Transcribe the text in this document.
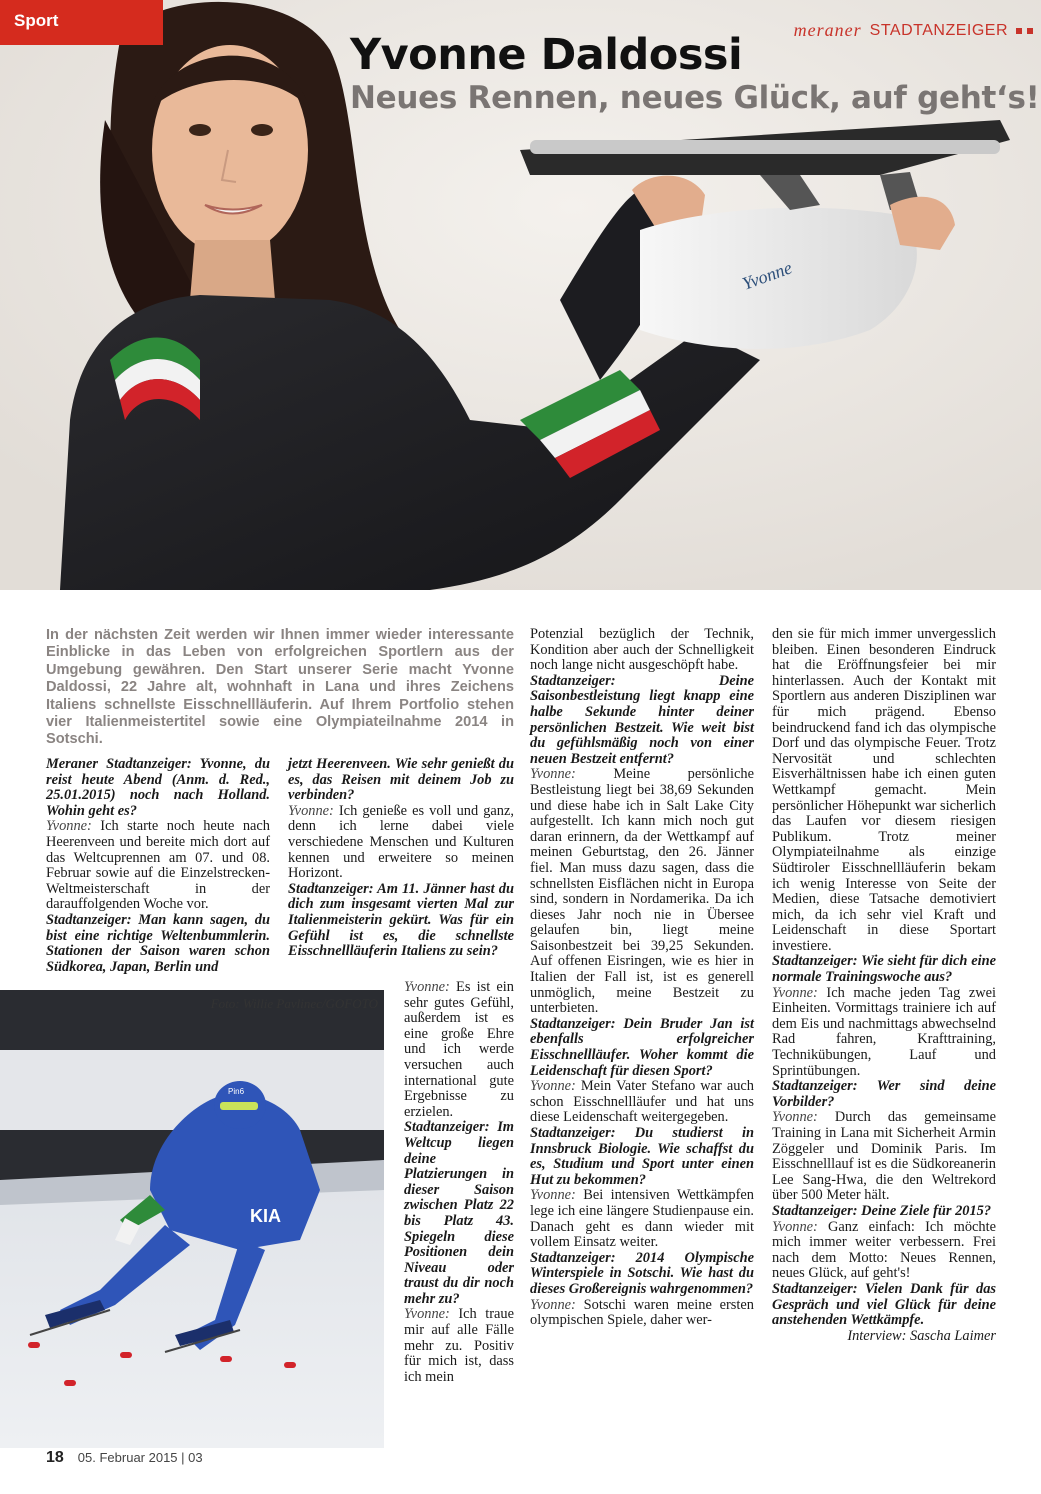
Yvonne
Sport	meraner STADTANZEIGER
Yvonne Daldossi
Neues Rennen, neues Glück, auf geht‘s!
In der nächsten Zeit werden wir Ihnen immer wieder interessante Einblicke in das Leben von erfolgreichen Sportlern aus der Umgebung gewähren. Den Start unserer Serie macht Yvonne Daldossi, 22 Jahre alt, wohnhaft in Lana und ihres Zeichens Italiens schnellste Eisschnellläuferin. Auf Ihrem Portfolio stehen vier Italienmeistertitel sowie eine Olympiateilnahme 2014 in Sotschi.

Meraner Stadtanzeiger: Yvonne, du reist heute Abend (Anm. d. Red., 25.01.2015) noch nach Holland. Wohin geht es?

Yvonne: Ich starte noch heute nach Heerenveen und bereite mich dort auf das Weltcuprennen am 07. und 08. Februar sowie auf die Einzelstrecken-Weltmeisterschaft in der darauffolgenden Woche vor.

Stadtanzeiger: Man kann sagen, du bist eine richtige Weltenbummlerin. Stationen der Saison waren schon Südkorea, Japan, Berlin und

jetzt Heerenveen. Wie sehr genießt du es, das Reisen mit deinem Job zu verbinden?

Yvonne: Ich genieße es voll und ganz, denn ich lerne dabei viele verschiedene Menschen und Kulturen kennen und erweitere so meinen Horizont.

Stadtanzeiger: Am 11. Jänner hast du dich zum insgesamt vierten Mal zur Italienmeisterin gekürt. Was für ein Gefühl ist es, die schnellste Eisschnellläuferin Italiens zu sein?

Pin6
KIA
Foto: Willie Pavlinec/GOFOTO

Yvonne: Es ist ein sehr gutes Gefühl, außerdem ist es eine große Ehre und ich werde versuchen auch international gute Ergebnisse zu erzielen.

Stadtanzeiger: Im Weltcup liegen deine Platzierungen in dieser Saison zwischen Platz 22 bis Platz 43. Spiegeln diese Positionen dein Niveau oder traust du dir noch mehr zu?

Yvonne: Ich traue mir auf alle Fälle mehr zu. Positiv für mich ist, dass ich mein

Potenzial bezüglich der Technik, Kondition aber auch der Schnelligkeit noch lange nicht ausgeschöpft habe.

Stadtanzeiger: Deine Saisonbestleistung liegt knapp eine halbe Sekunde hinter deiner persönlichen Bestzeit. Wie weit bist du gefühlsmäßig noch von einer neuen Bestzeit entfernt?

Yvonne: Meine persönliche Bestleistung liegt bei 38,69 Sekunden und diese habe ich in Salt Lake City aufgestellt. Ich kann mich noch gut daran erinnern, da der Wettkampf auf meinen Geburtstag, den 26. Jänner fiel. Man muss dazu sagen, dass die schnellsten Eisflächen nicht in Europa sind, sondern in Nordamerika. Da ich dieses Jahr noch nie in Übersee gelaufen bin, liegt meine Saisonbestzeit bei 39,25 Sekunden. Auf offenen Eisringen, wie es hier in Italien der Fall ist, ist es generell unmöglich, meine Bestzeit zu unterbieten.

Stadtanzeiger: Dein Bruder Jan ist ebenfalls erfolgreicher Eisschnellläufer. Woher kommt die Leidenschaft für diesen Sport?

Yvonne: Mein Vater Stefano war auch schon Eisschnellläufer und hat uns diese Leidenschaft weitergegeben.

Stadtanzeiger: Du studierst in Innsbruck Biologie. Wie schaffst du es, Studium und Sport unter einen Hut zu bekommen?

Yvonne: Bei intensiven Wettkämpfen lege ich eine längere Studienpause ein. Danach geht es dann wieder mit vollem Einsatz weiter.

Stadtanzeiger: 2014 Olympische Winterspiele in Sotschi. Wie hast du dieses Großereignis wahrgenommen?

Yvonne: Sotschi waren meine ersten olympischen Spiele, daher wer-

den sie für mich immer unvergesslich bleiben. Einen besonderen Eindruck hat die Eröffnungsfeier bei mir hinterlassen. Auch der Kontakt mit Sportlern aus anderen Disziplinen war für mich prägend. Ebenso beindruckend fand ich das olympische Dorf und das olympische Feuer. Trotz Nervosität und schlechten Eisverhältnissen habe ich einen guten Wettkampf gemacht. Mein persönlicher Höhepunkt war sicherlich das Laufen vor diesem riesigen Publikum. Trotz meiner Olympiateilnahme als einzige Südtiroler Eisschnellläuferin bekam ich wenig Interesse von Seite der Medien, diese Tatsache demotiviert mich, da ich sehr viel Kraft und Leidenschaft in diese Sportart investiere.

Stadtanzeiger: Wie sieht für dich eine normale Trainingswoche aus?

Yvonne: Ich mache jeden Tag zwei Einheiten. Vormittags trainiere ich auf dem Eis und nachmittags abwechselnd Rad fahren, Krafttraining, Technikübungen, Lauf und Sprintübungen.

Stadtanzeiger: Wer sind deine Vorbilder?

Yvonne: Durch das gemeinsame Training in Lana mit Sicherheit Armin Zöggeler und Dominik Paris. Im Eisschnelllauf ist es die Südkoreanerin Lee Sang-Hwa, die den Weltrekord über 500 Meter hält.

Stadtanzeiger: Deine Ziele für 2015?

Yvonne: Ganz einfach: Ich möchte mich immer weiter verbessern. Frei nach dem Motto: Neues Rennen, neues Glück, auf geht's!

Stadtanzeiger: Vielen Dank für das Gespräch und viel Glück für deine anstehenden Wettkämpfe.

Interview: Sascha Laimer

18 05. Februar 2015 | 03
